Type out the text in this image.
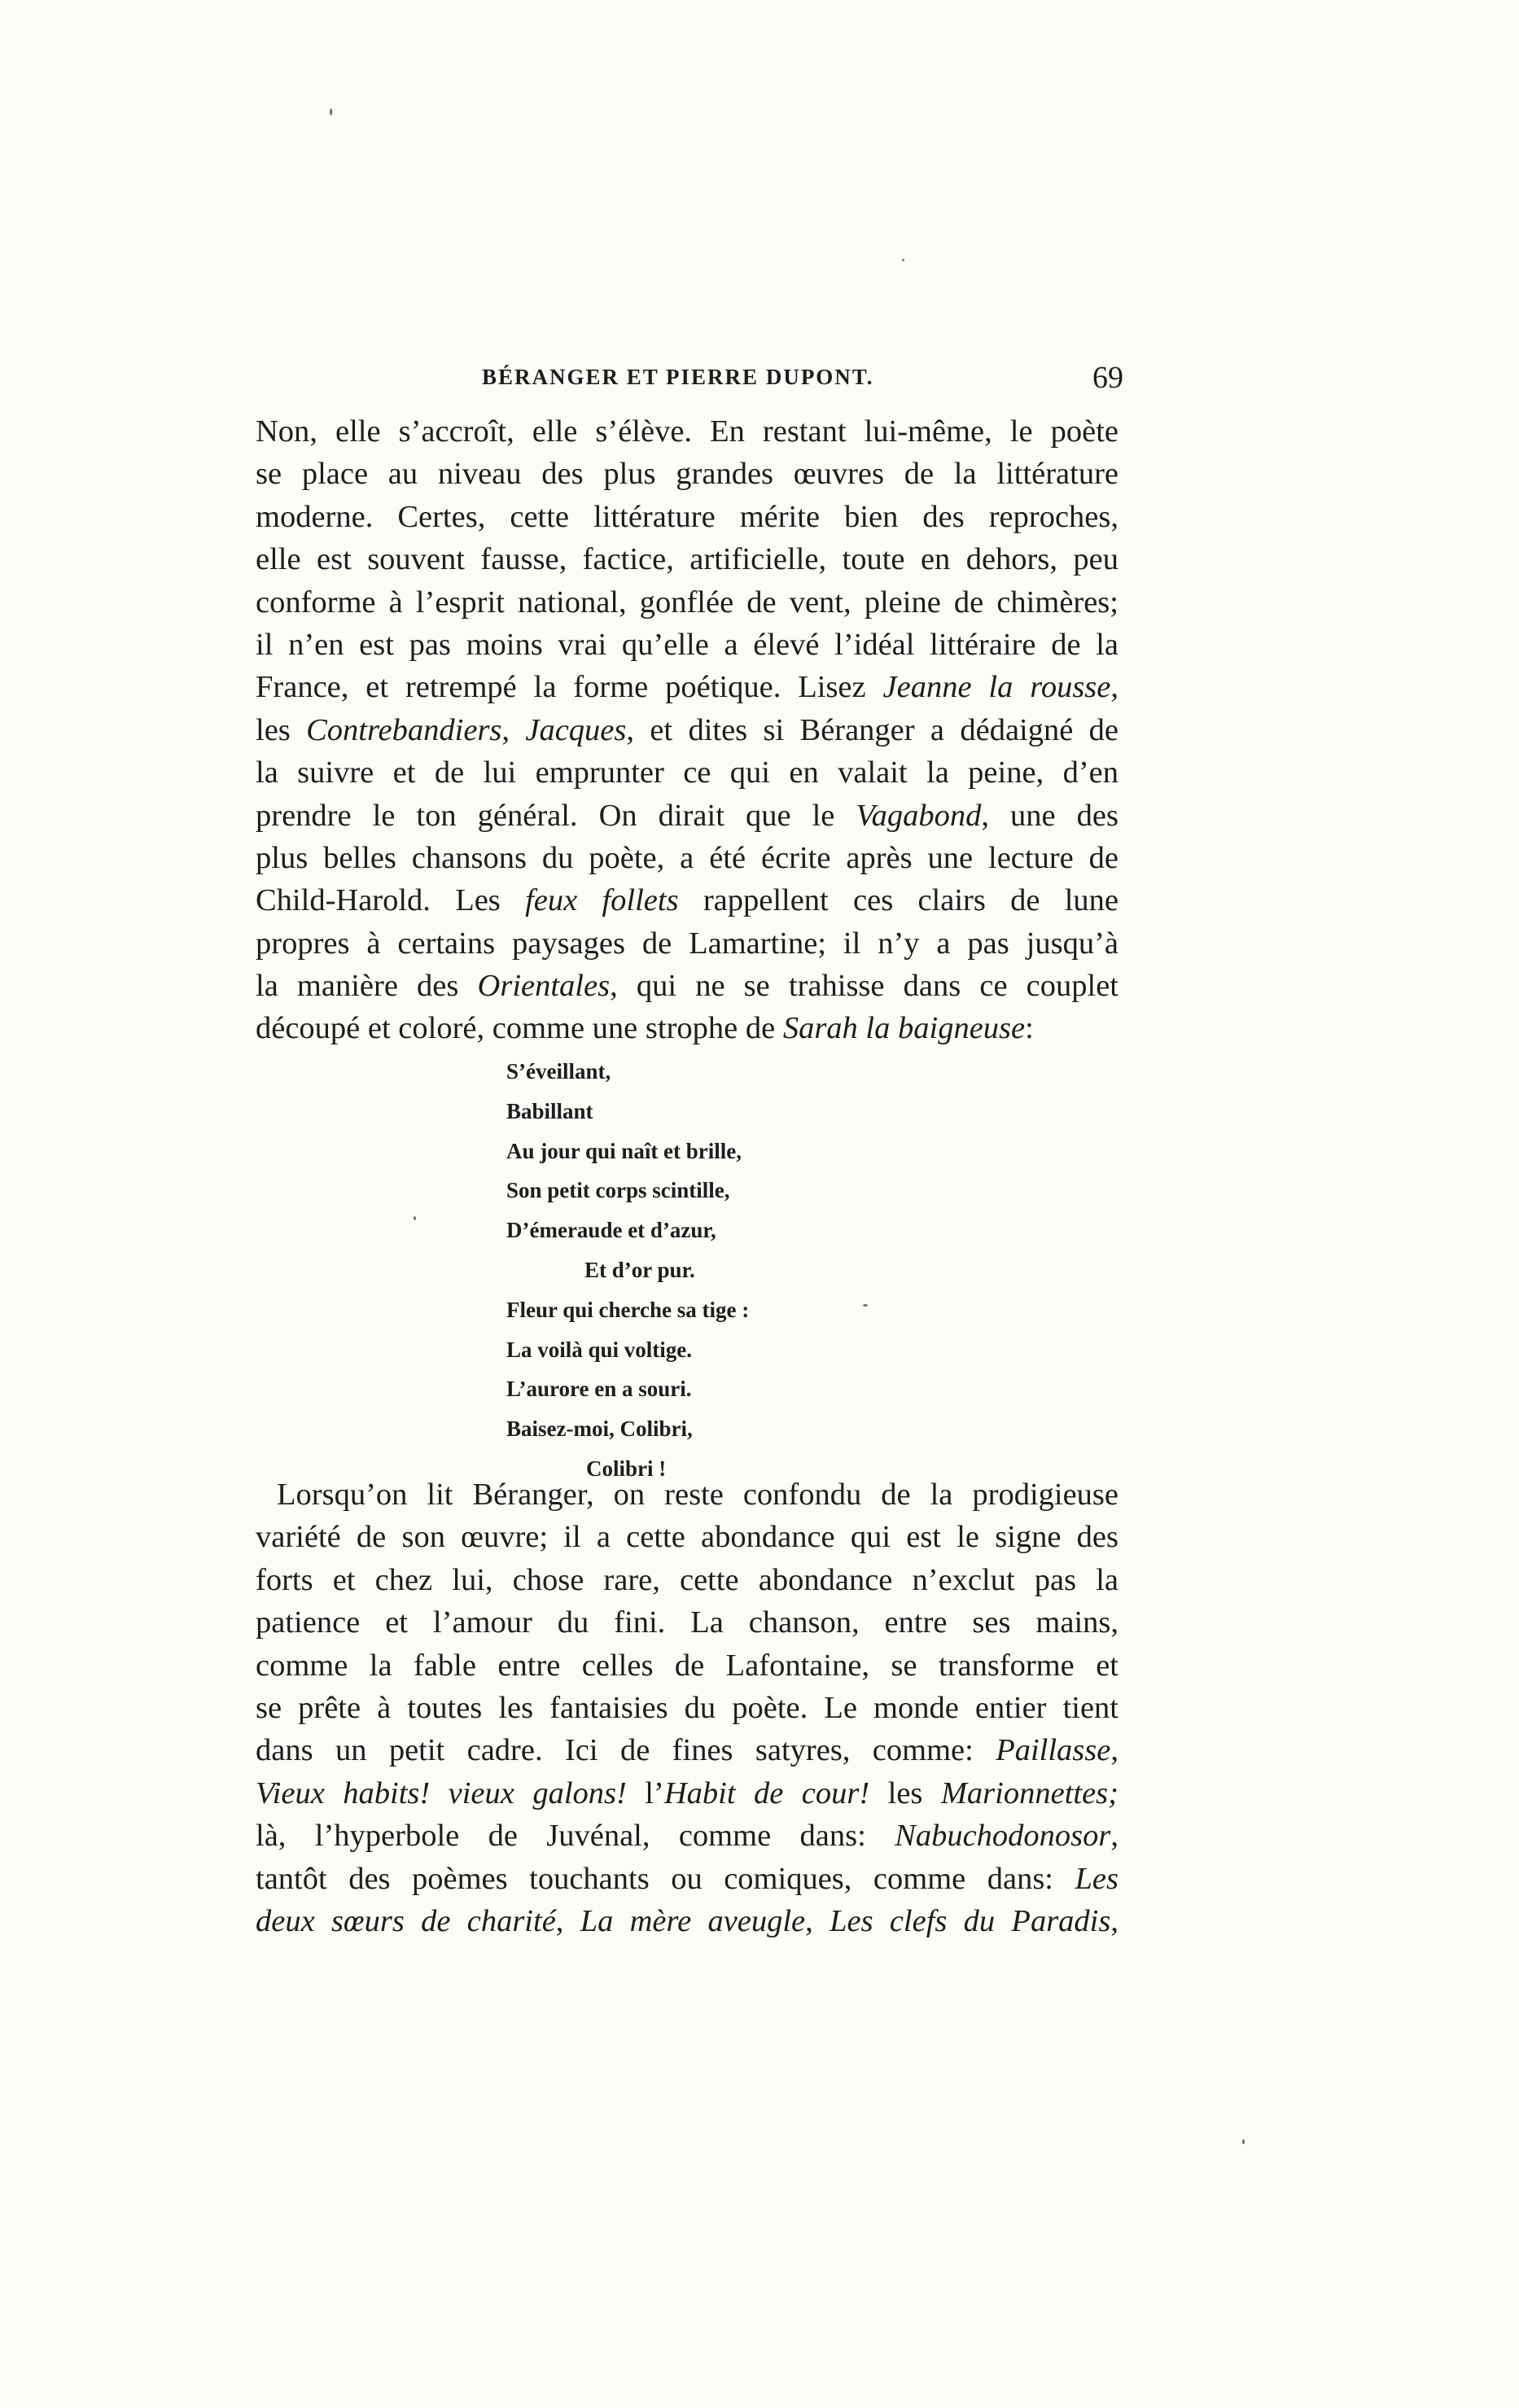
BÉRANGER ET PIERRE DUPONT.	69
Non, elle s’accroît, elle s’élève. En restant lui-même, le poète
se place au niveau des plus grandes œuvres de la littérature
moderne. Certes, cette littérature mérite bien des reproches,
elle est souvent fausse, factice, artificielle, toute en dehors, peu
conforme à l’esprit national, gonflée de vent, pleine de chimères;
il n’en est pas moins vrai qu’elle a élevé l’idéal littéraire de la
France, et retrempé la forme poétique. Lisez Jeanne la rousse,
les Contrebandiers, Jacques, et dites si Béranger a dédaigné de
la suivre et de lui emprunter ce qui en valait la peine, d’en
prendre le ton général. On dirait que le Vagabond, une des
plus belles chansons du poète, a été écrite après une lecture de
Child-Harold. Les feux follets rappellent ces clairs de lune
propres à certains paysages de Lamartine; il n’y a pas jusqu’à
la manière des Orientales, qui ne se trahisse dans ce couplet
découpé et coloré, comme une strophe de Sarah la baigneuse:
S’éveillant,
Babillant
Au jour qui naît et brille,
Son petit corps scintille,
D’émeraude et d’azur,
Et d’or pur.
Fleur qui cherche sa tige :
La voilà qui voltige.
L’aurore en a souri.
Baisez-moi, Colibri,
Colibri !
Lorsqu’on lit Béranger, on reste confondu de la prodigieuse
variété de son œuvre; il a cette abondance qui est le signe des
forts et chez lui, chose rare, cette abondance n’exclut pas la
patience et l’amour du fini. La chanson, entre ses mains,
comme la fable entre celles de Lafontaine, se transforme et
se prête à toutes les fantaisies du poète. Le monde entier tient
dans un petit cadre. Ici de fines satyres, comme: Paillasse,
Vieux habits! vieux galons! l’Habit de cour! les Marionnettes;
là, l’hyperbole de Juvénal, comme dans: Nabuchodonosor,
tantôt des poèmes touchants ou comiques, comme dans: Les
deux sœurs de charité, La mère aveugle, Les clefs du Paradis,
